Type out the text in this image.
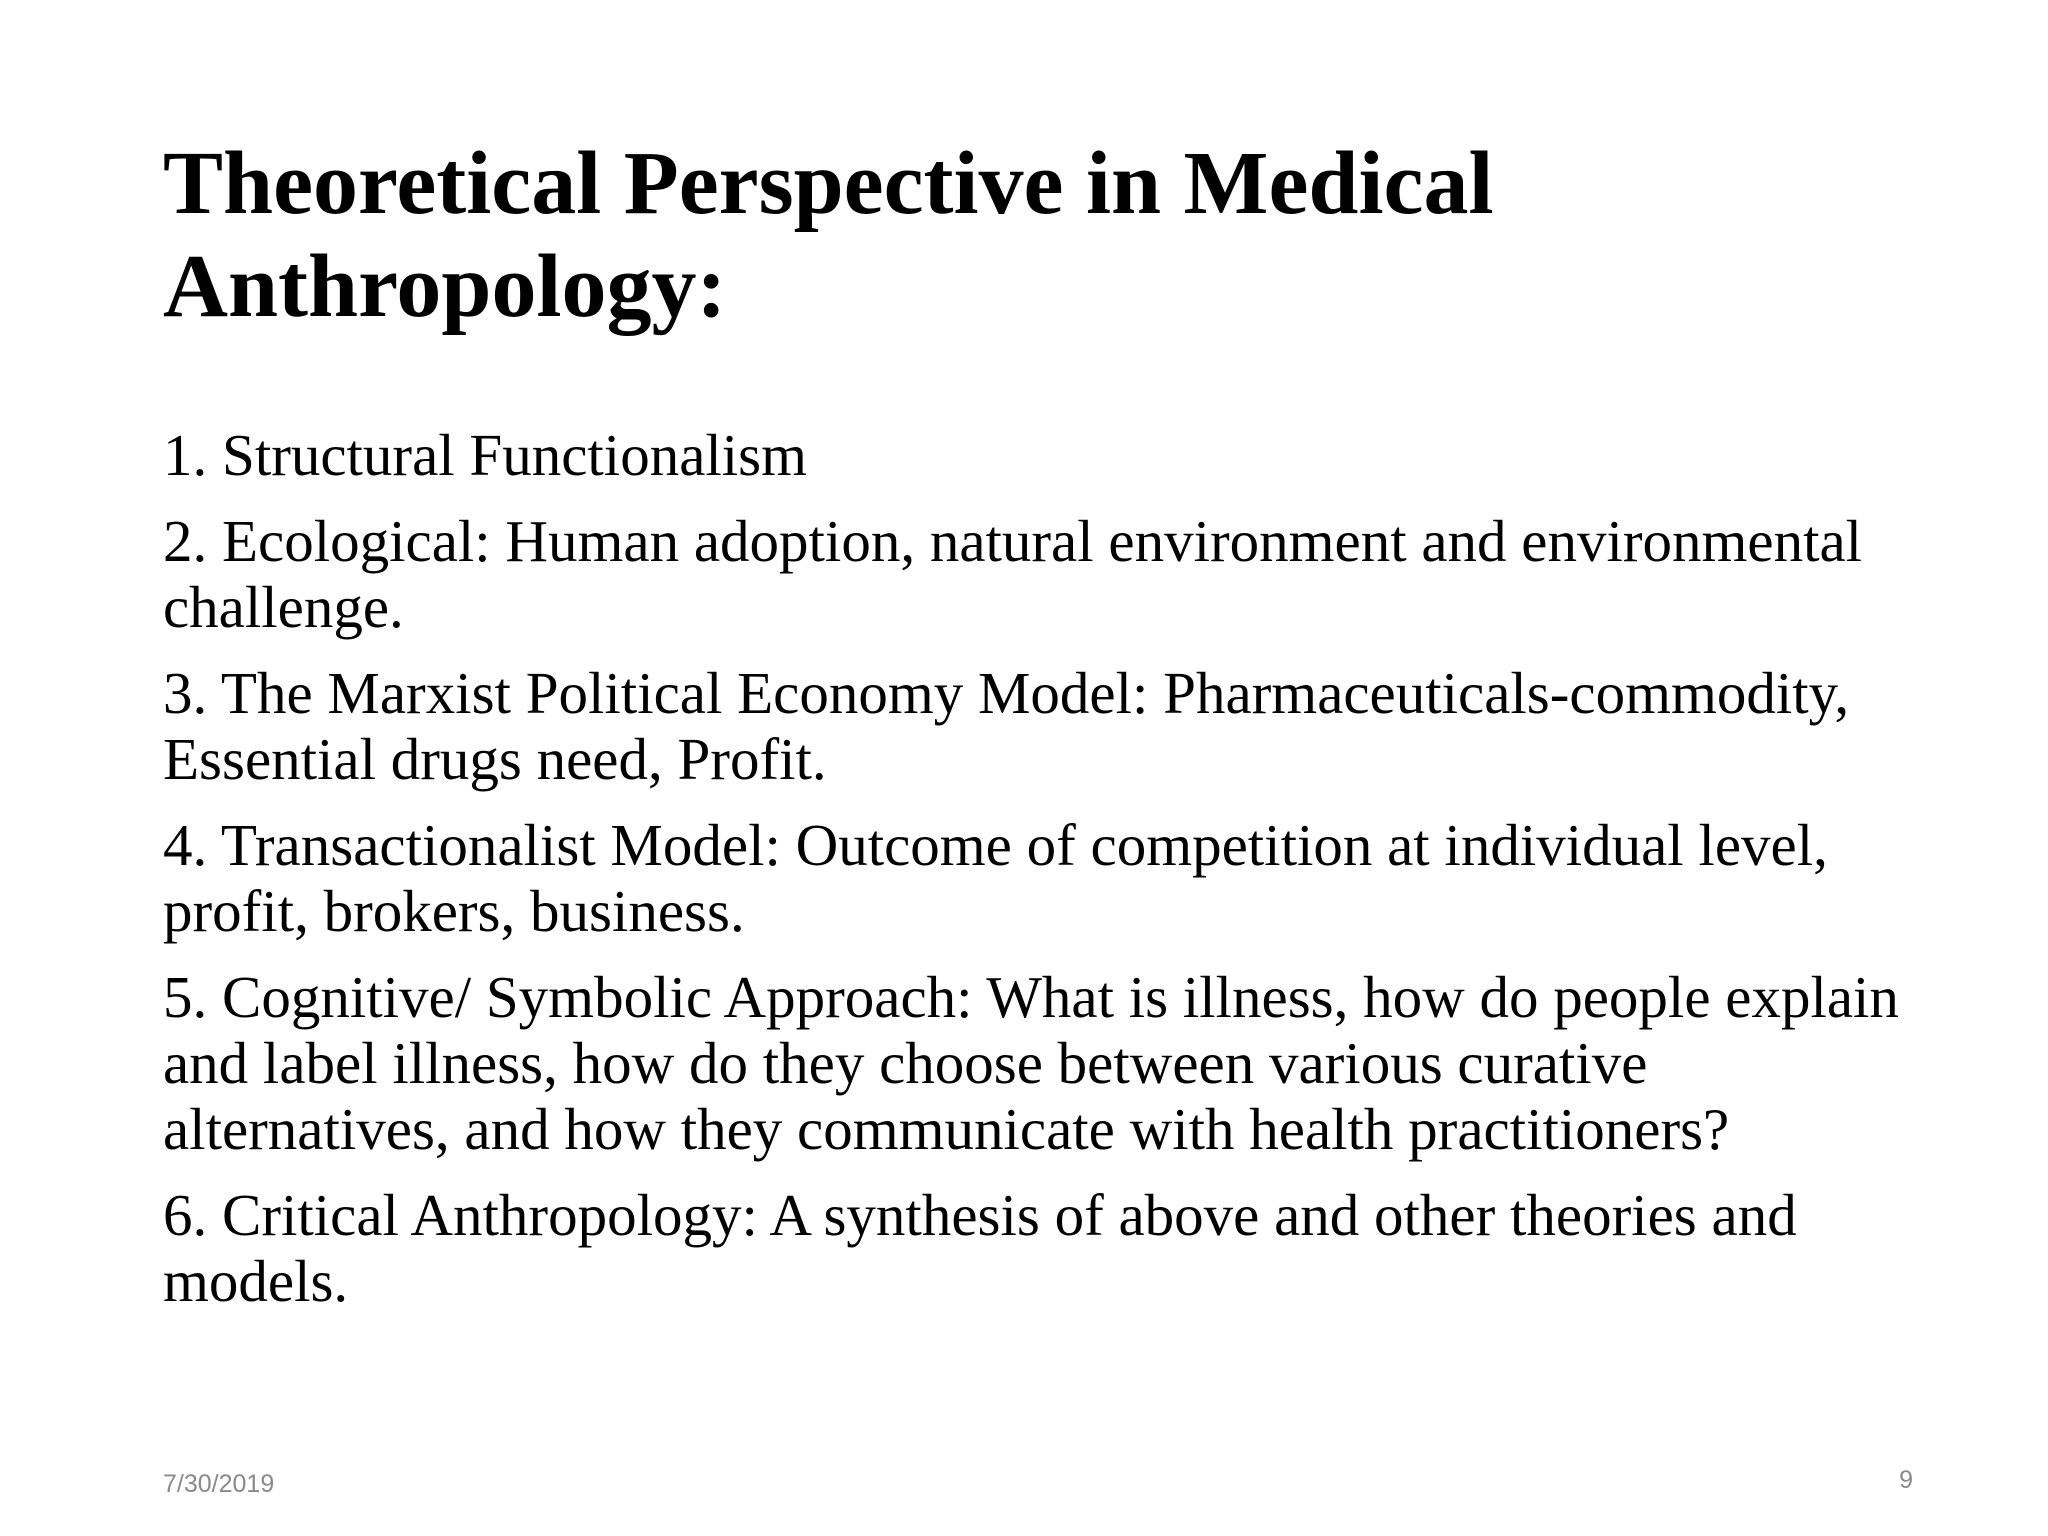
Theoretical Perspective in Medical Anthropology:
1. Structural Functionalism
2. Ecological: Human adoption, natural environment and environmental challenge.
3. The Marxist Political Economy Model: Pharmaceuticals-commodity, Essential drugs need, Profit.
4. Transactionalist Model: Outcome of competition at individual level, profit, brokers, business.
5. Cognitive/ Symbolic Approach: What is illness, how do people explain and label illness, how do they choose between various curative alternatives, and how they communicate with health practitioners?
6. Critical Anthropology: A synthesis of above and other theories and models.
7/30/2019	9
